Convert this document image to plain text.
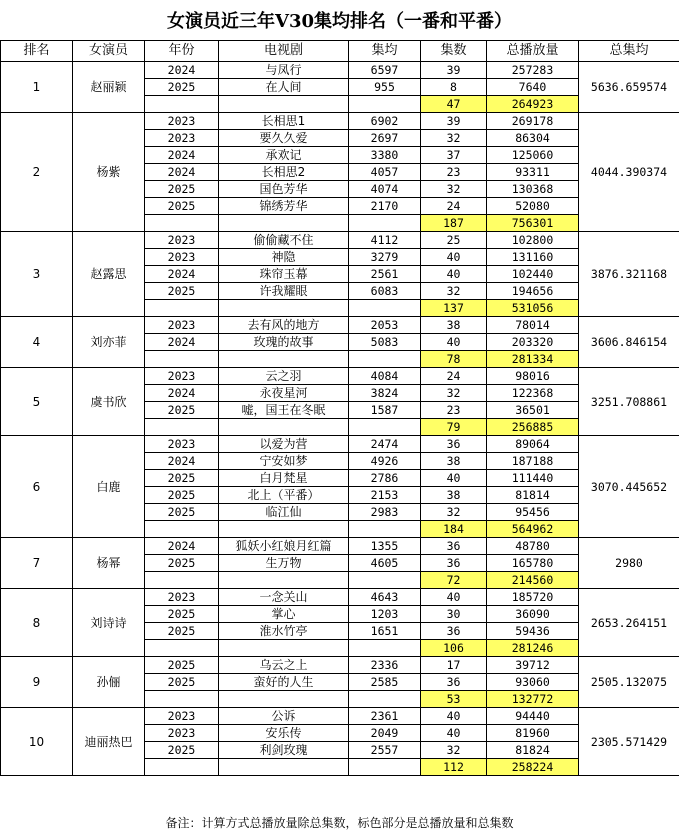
女演员近三年V30集均排名（一番和平番）
排名	女演员	年份	电视剧	集均	集数	总播放量	总集均
1	赵丽颖	2024	与凤行	6597	39	257283	5636.659574
		2025	在人间	955	8	7640	
					47	264923	
2	杨紫	2023	长相思1	6902	39	269178	4044.390374
		2023	要久久爱	2697	32	86304	
		2024	承欢记	3380	37	125060	
		2024	长相思2	4057	23	93311	
		2025	国色芳华	4074	32	130368	
		2025	锦绣芳华	2170	24	52080	
					187	756301	
3	赵露思	2023	偷偷藏不住	4112	25	102800	3876.321168
		2023	神隐	3279	40	131160	
		2024	珠帘玉幕	2561	40	102440	
		2025	许我耀眼	6083	32	194656	
					137	531056	
4	刘亦菲	2023	去有风的地方	2053	38	78014	3606.846154
		2024	玫瑰的故事	5083	40	203320	
					78	281334	
5	虞书欣	2023	云之羽	4084	24	98016	3251.708861
		2024	永夜星河	3824	32	122368	
		2025	嘘，国王在冬眠	1587	23	36501	
					79	256885	
6	白鹿	2023	以爱为营	2474	36	89064	3070.445652
		2024	宁安如梦	4926	38	187188	
		2025	白月梵星	2786	40	111440	
		2025	北上（平番）	2153	38	81814	
		2025	临江仙	2983	32	95456	
					184	564962	
7	杨幂	2024	狐妖小红娘月红篇	1355	36	48780	2980
		2025	生万物	4605	36	165780	
					72	214560	
8	刘诗诗	2023	一念关山	4643	40	185720	2653.264151
		2025	掌心	1203	30	36090	
		2025	淮水竹亭	1651	36	59436	
					106	281246	
9	孙俪	2025	乌云之上	2336	17	39712	2505.132075
		2025	蛮好的人生	2585	36	93060	
					53	132772	
10	迪丽热巴	2023	公诉	2361	40	94440	2305.571429
		2023	安乐传	2049	40	81960	
		2025	利剑玫瑰	2557	32	81824	
					112	258224	
备注：计算方式总播放量除总集数，标色部分是总播放量和总集数
